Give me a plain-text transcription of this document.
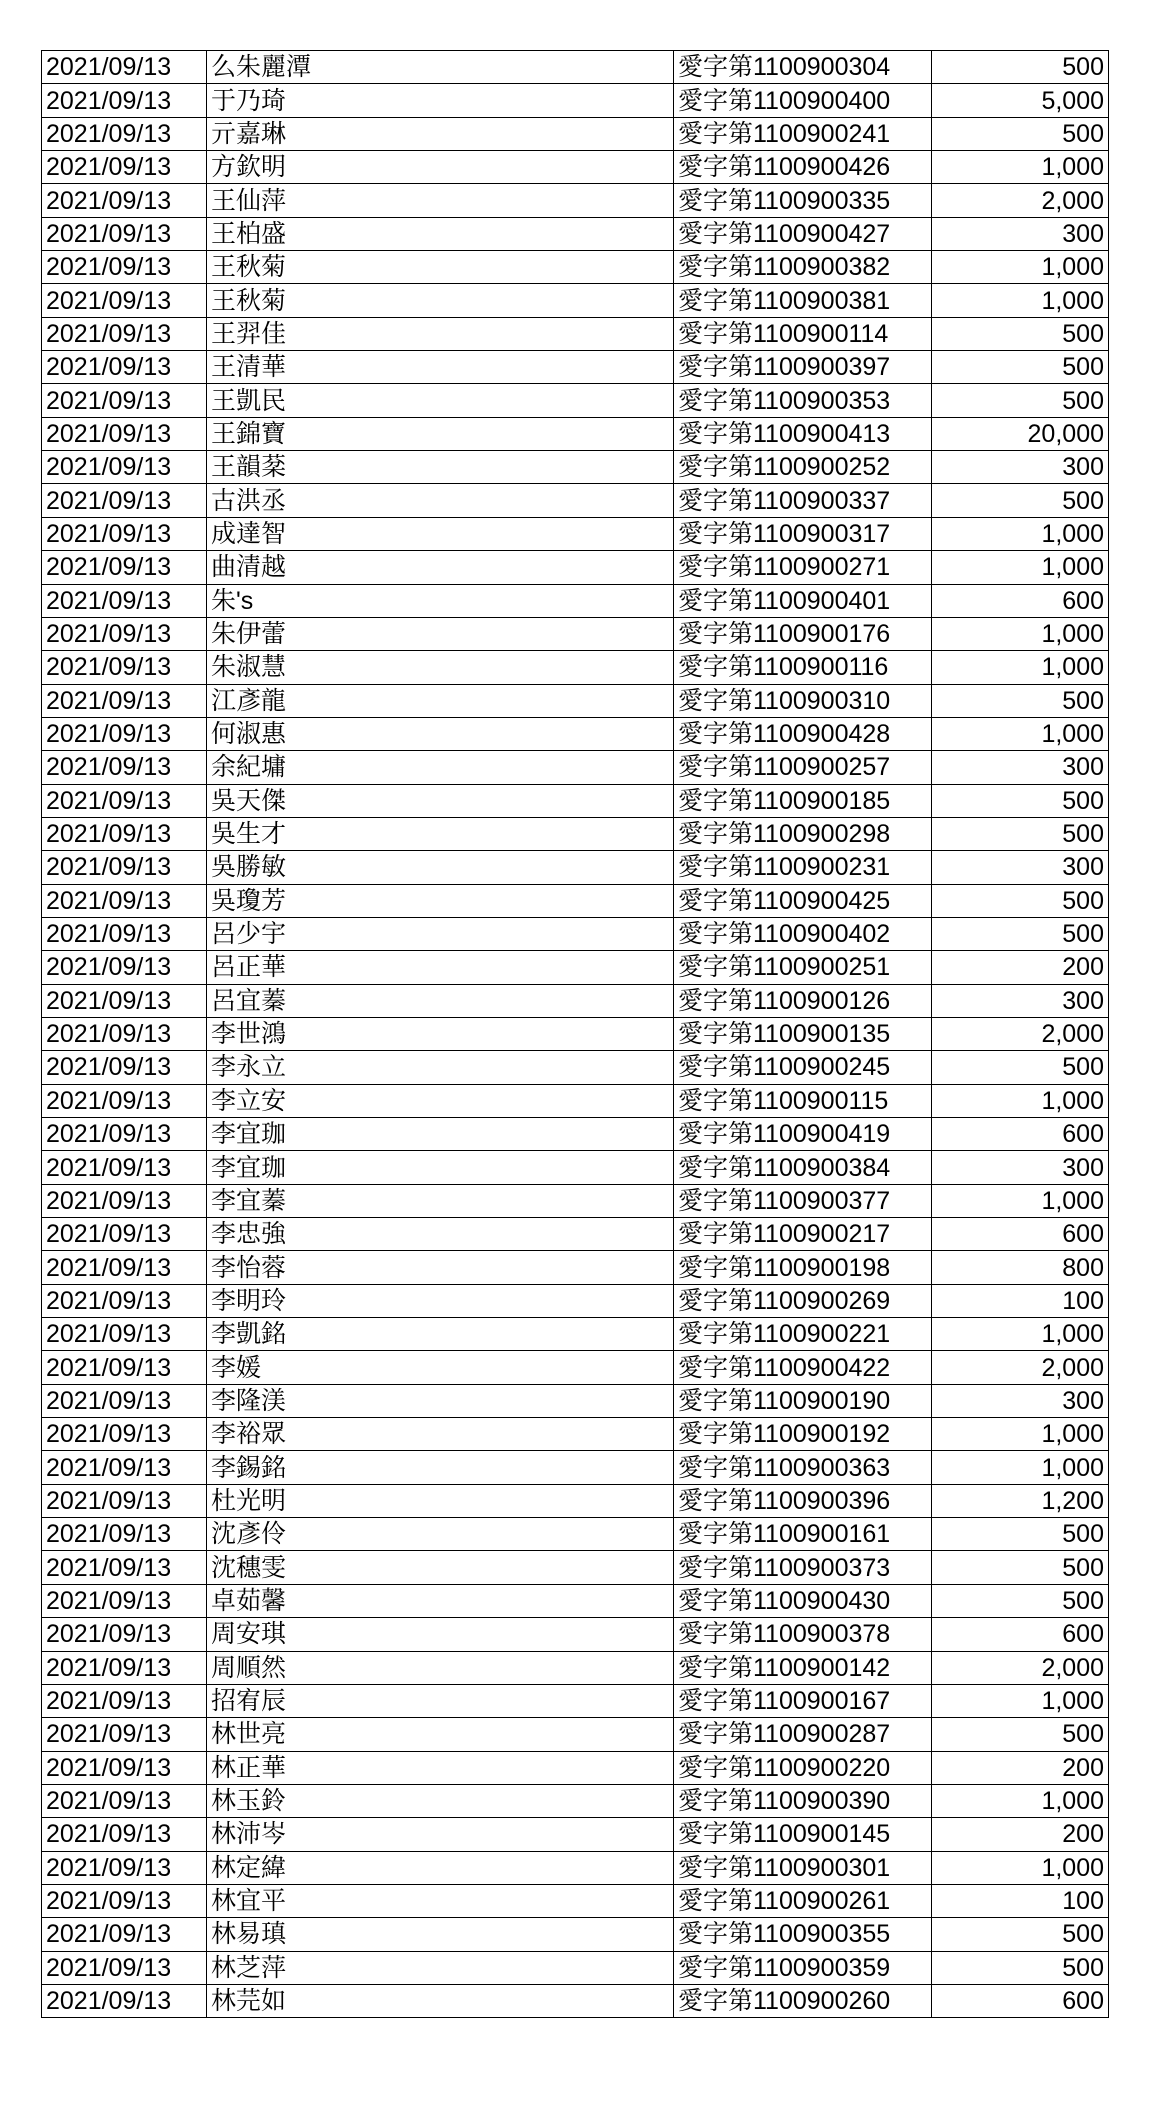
2021/09/13	么朱麗潭	愛字第1100900304	500
2021/09/13	于乃琦	愛字第1100900400	5,000
2021/09/13	亓嘉琳	愛字第1100900241	500
2021/09/13	方欽明	愛字第1100900426	1,000
2021/09/13	王仙萍	愛字第1100900335	2,000
2021/09/13	王柏盛	愛字第1100900427	300
2021/09/13	王秋菊	愛字第1100900382	1,000
2021/09/13	王秋菊	愛字第1100900381	1,000
2021/09/13	王羿佳	愛字第1100900114	500
2021/09/13	王清華	愛字第1100900397	500
2021/09/13	王凱民	愛字第1100900353	500
2021/09/13	王錦寶	愛字第1100900413	20,000
2021/09/13	王韻棻	愛字第1100900252	300
2021/09/13	古洪丞	愛字第1100900337	500
2021/09/13	成達智	愛字第1100900317	1,000
2021/09/13	曲清越	愛字第1100900271	1,000
2021/09/13	朱's	愛字第1100900401	600
2021/09/13	朱伊蕾	愛字第1100900176	1,000
2021/09/13	朱淑慧	愛字第1100900116	1,000
2021/09/13	江彥龍	愛字第1100900310	500
2021/09/13	何淑惠	愛字第1100900428	1,000
2021/09/13	余紀墉	愛字第1100900257	300
2021/09/13	吳天傑	愛字第1100900185	500
2021/09/13	吳生才	愛字第1100900298	500
2021/09/13	吳勝敏	愛字第1100900231	300
2021/09/13	吳瓊芳	愛字第1100900425	500
2021/09/13	呂少宇	愛字第1100900402	500
2021/09/13	呂正華	愛字第1100900251	200
2021/09/13	呂宜蓁	愛字第1100900126	300
2021/09/13	李世鴻	愛字第1100900135	2,000
2021/09/13	李永立	愛字第1100900245	500
2021/09/13	李立安	愛字第1100900115	1,000
2021/09/13	李宜珈	愛字第1100900419	600
2021/09/13	李宜珈	愛字第1100900384	300
2021/09/13	李宜蓁	愛字第1100900377	1,000
2021/09/13	李忠強	愛字第1100900217	600
2021/09/13	李怡蓉	愛字第1100900198	800
2021/09/13	李明玲	愛字第1100900269	100
2021/09/13	李凱銘	愛字第1100900221	1,000
2021/09/13	李媛	愛字第1100900422	2,000
2021/09/13	李隆渼	愛字第1100900190	300
2021/09/13	李裕眾	愛字第1100900192	1,000
2021/09/13	李錫銘	愛字第1100900363	1,000
2021/09/13	杜光明	愛字第1100900396	1,200
2021/09/13	沈彥伶	愛字第1100900161	500
2021/09/13	沈穗雯	愛字第1100900373	500
2021/09/13	卓茹馨	愛字第1100900430	500
2021/09/13	周安琪	愛字第1100900378	600
2021/09/13	周順然	愛字第1100900142	2,000
2021/09/13	招宥辰	愛字第1100900167	1,000
2021/09/13	林世亮	愛字第1100900287	500
2021/09/13	林正華	愛字第1100900220	200
2021/09/13	林玉鈴	愛字第1100900390	1,000
2021/09/13	林沛岑	愛字第1100900145	200
2021/09/13	林定緯	愛字第1100900301	1,000
2021/09/13	林宜平	愛字第1100900261	100
2021/09/13	林易瑱	愛字第1100900355	500
2021/09/13	林芝萍	愛字第1100900359	500
2021/09/13	林芫如	愛字第1100900260	600
